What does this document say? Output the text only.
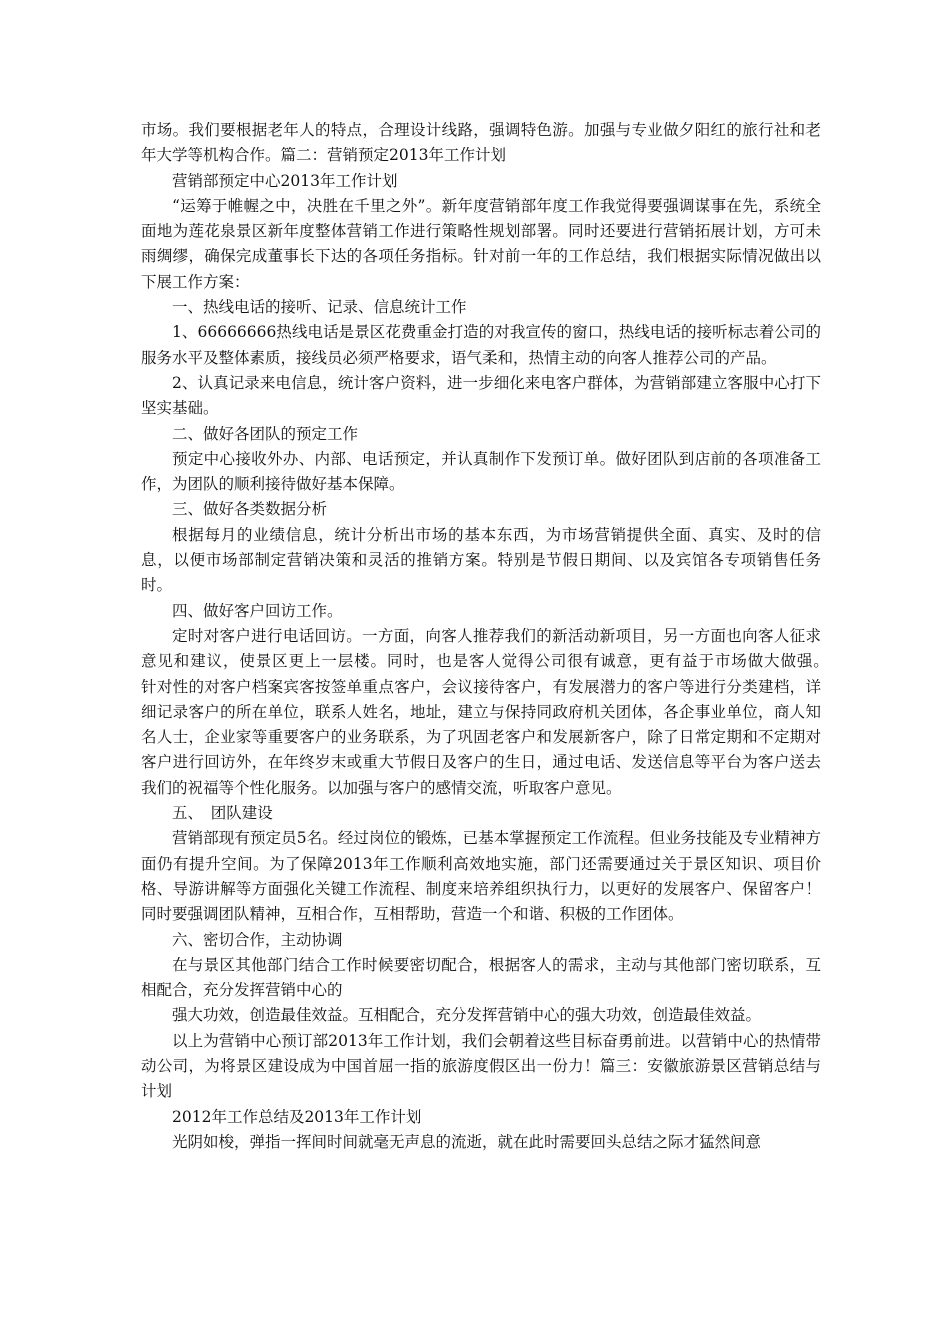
市场。我们要根据老年人的特点，合理设计线路，强调特色游。加强与专业做夕阳红的旅行社和老年大学等机构合作。篇二：营销预定2013年工作计划

营销部预定中心2013年工作计划

“运筹于帷幄之中，决胜在千里之外”。新年度营销部年度工作我觉得要强调谋事在先，系统全面地为莲花泉景区新年度整体营销工作进行策略性规划部署。同时还要进行营销拓展计划，方可未雨绸缪，确保完成董事长下达的各项任务指标。针对前一年的工作总结，我们根据实际情况做出以下展工作方案：

一、热线电话的接听、记录、信息统计工作

1、66666666热线电话是景区花费重金打造的对我宣传的窗口，热线电话的接听标志着公司的服务水平及整体素质，接线员必须严格要求，语气柔和，热情主动的向客人推荐公司的产品。

2、认真记录来电信息，统计客户资料，进一步细化来电客户群体，为营销部建立客服中心打下坚实基础。

二、做好各团队的预定工作

预定中心接收外办、内部、电话预定，并认真制作下发预订单。做好团队到店前的各项准备工作，为团队的顺利接待做好基本保障。

三、做好各类数据分析

根据每月的业绩信息，统计分析出市场的基本东西，为市场营销提供全面、真实、及时的信息，以便市场部制定营销决策和灵活的推销方案。特别是节假日期间、以及宾馆各专项销售任务时。

四、做好客户回访工作。

定时对客户进行电话回访。一方面，向客人推荐我们的新活动新项目，另一方面也向客人征求意见和建议，使景区更上一层楼。同时，也是客人觉得公司很有诚意，更有益于市场做大做强。　　针对性的对客户档案宾客按签单重点客户，会议接待客户，有发展潜力的客户等进行分类建档，详细记录客户的所在单位，联系人姓名，地址，建立与保持同政府机关团体，各企事业单位，商人知名人士，企业家等重要客户的业务联系，为了巩固老客户和发展新客户，除了日常定期和不定期对客户进行回访外，在年终岁末或重大节假日及客户的生日，通过电话、发送信息等平台为客户送去我们的祝福等个性化服务。以加强与客户的感情交流，听取客户意见。

五、　团队建设

营销部现有预定员5名。经过岗位的锻炼，已基本掌握预定工作流程。但业务技能及专业精神方面仍有提升空间。为了保障2013年工作顺利高效地实施，部门还需要通过关于景区知识、项目价格、导游讲解等方面强化关键工作流程、制度来培养组织执行力，以更好的发展客户、保留客户！同时要强调团队精神，互相合作，互相帮助，营造一个和谐、积极的工作团体。

六、密切合作，主动协调

在与景区其他部门结合工作时候要密切配合，根据客人的需求，主动与其他部门密切联系，互相配合，充分发挥营销中心的

强大功效，创造最佳效益。互相配合，充分发挥营销中心的强大功效，创造最佳效益。

以上为营销中心预订部2013年工作计划，我们会朝着这些目标奋勇前进。以营销中心的热情带动公司，为将景区建设成为中国首屈一指的旅游度假区出一份力！篇三：安徽旅游景区营销总结与计划

2012年工作总结及2013年工作计划

光阴如梭，弹指一挥间时间就毫无声息的流逝，就在此时需要回头总结之际才猛然间意
